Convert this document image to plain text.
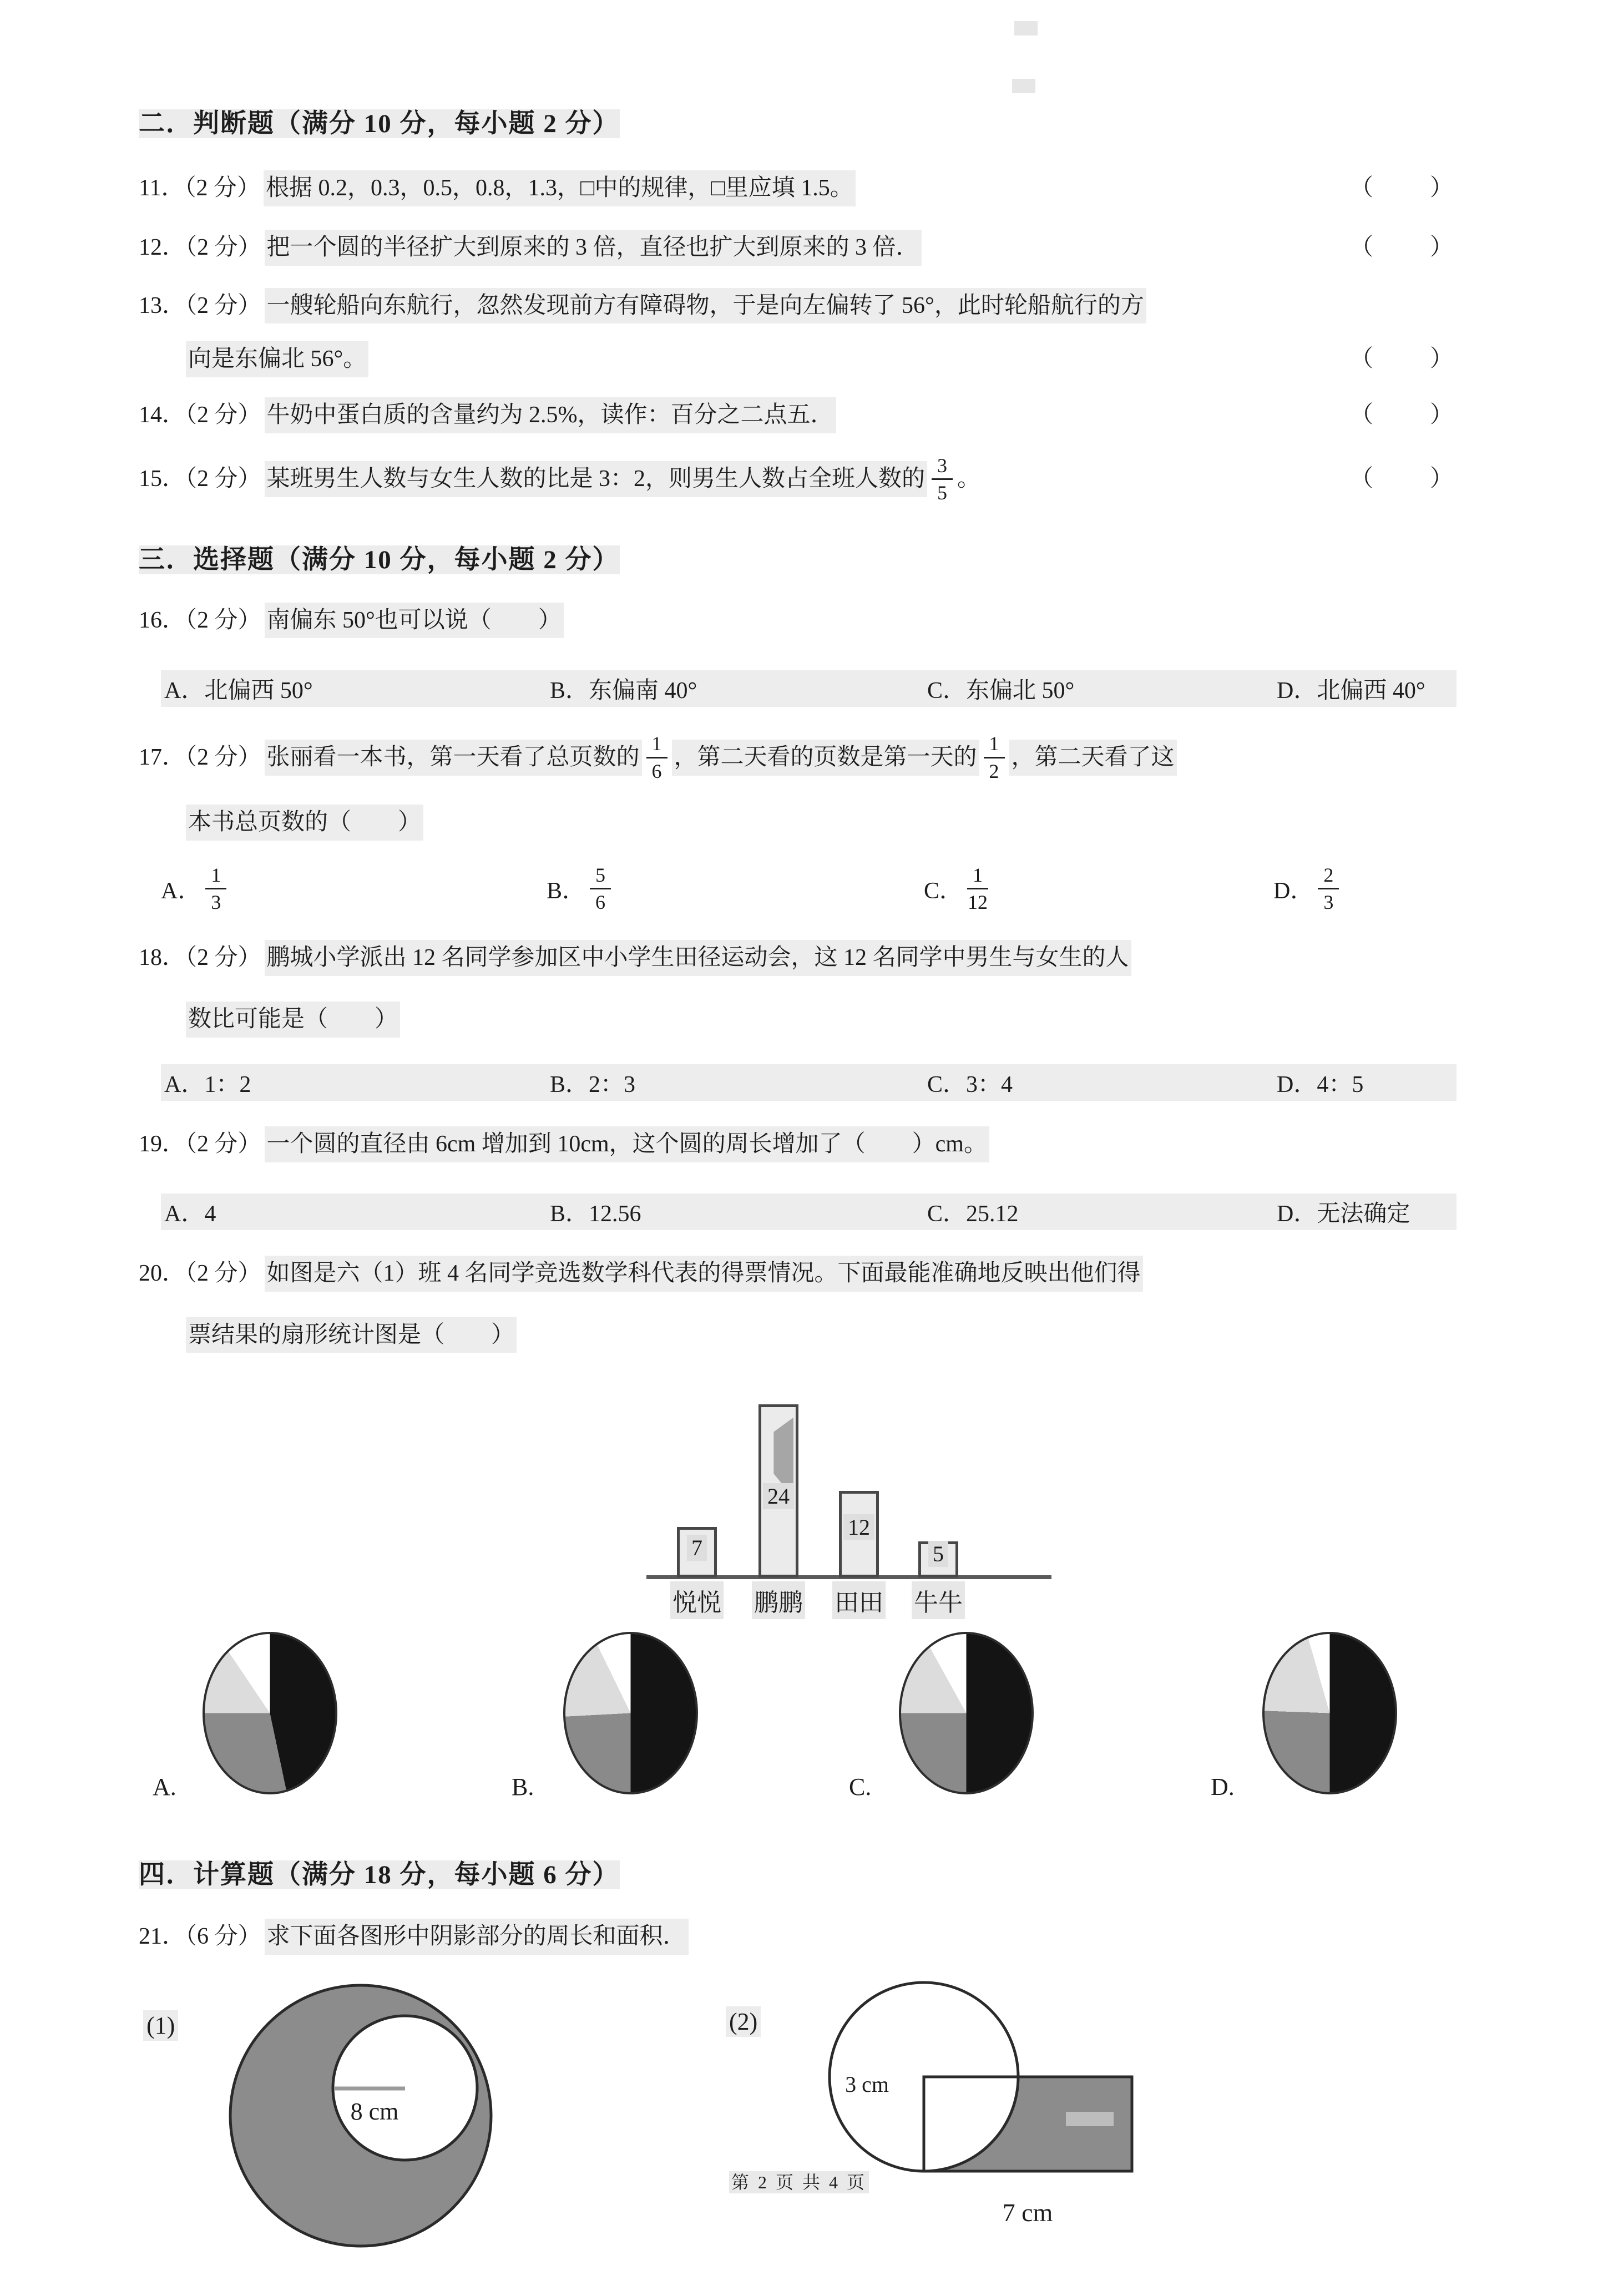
二．判断题（满分 10 分，每小题 2 分）
11．（2 分） 根据 0.2，0.3，0.5，0.8，1.3，□中的规律，□里应填 1.5。	（　　）
12．（2 分） 把一个圆的半径扩大到原来的 3 倍，直径也扩大到原来的 3 倍．	（　　）
13．（2 分） 一艘轮船向东航行，忽然发现前方有障碍物，于是向左偏转了 56°，此时轮船航行的方
向是东偏北 56°。	（　　）
14．（2 分） 牛奶中蛋白质的含量约为 2.5%，读作：百分之二点五．	（　　）
15．（2 分） 某班男生人数与女生人数的比是 3：2，则男生人数占全班人数的 $\frac{3}{5}$ 。	（　　）
三．选择题（满分 10 分，每小题 2 分）
16．（2 分） 南偏东 50°也可以说（　　）
A．北偏西 50°	B．东偏南 40°	C．东偏北 50°	D．北偏西 40°
17．（2 分） 张丽看一本书，第一天看了总页数的 $\frac{1}{6}$ ，第二天看的页数是第一天的 $\frac{1}{2}$ ，第二天看了这
本书总页数的（　　）
A． $\frac{1}{3}$	B． $\frac{5}{6}$	C． $\frac{1}{12}$	D． $\frac{2}{3}$
18．（2 分） 鹏城小学派出 12 名同学参加区中小学生田径运动会，这 12 名同学中男生与女生的人
数比可能是（　　）
A．1：2	B．2：3	C．3：4	D．4：5
19．（2 分） 一个圆的直径由 6cm 增加到 10cm，这个圆的周长增加了（　　）cm。
A．4	B．12.56	C．25.12	D．无法确定
20．（2 分） 如图是六（1）班 4 名同学竞选数学科代表的得票情况。下面最能准确地反映出他们得
票结果的扇形统计图是（　　）
7
24
12
5
悦悦 鹏鹏 田田 牛牛
A.	B.	C.	D.
四．计算题（满分 18 分，每小题 6 分）
21．（6 分） 求下面各图形中阴影部分的周长和面积．
(1)
8 cm
(2)
3 cm
7 cm
第 2 页 共 4 页
